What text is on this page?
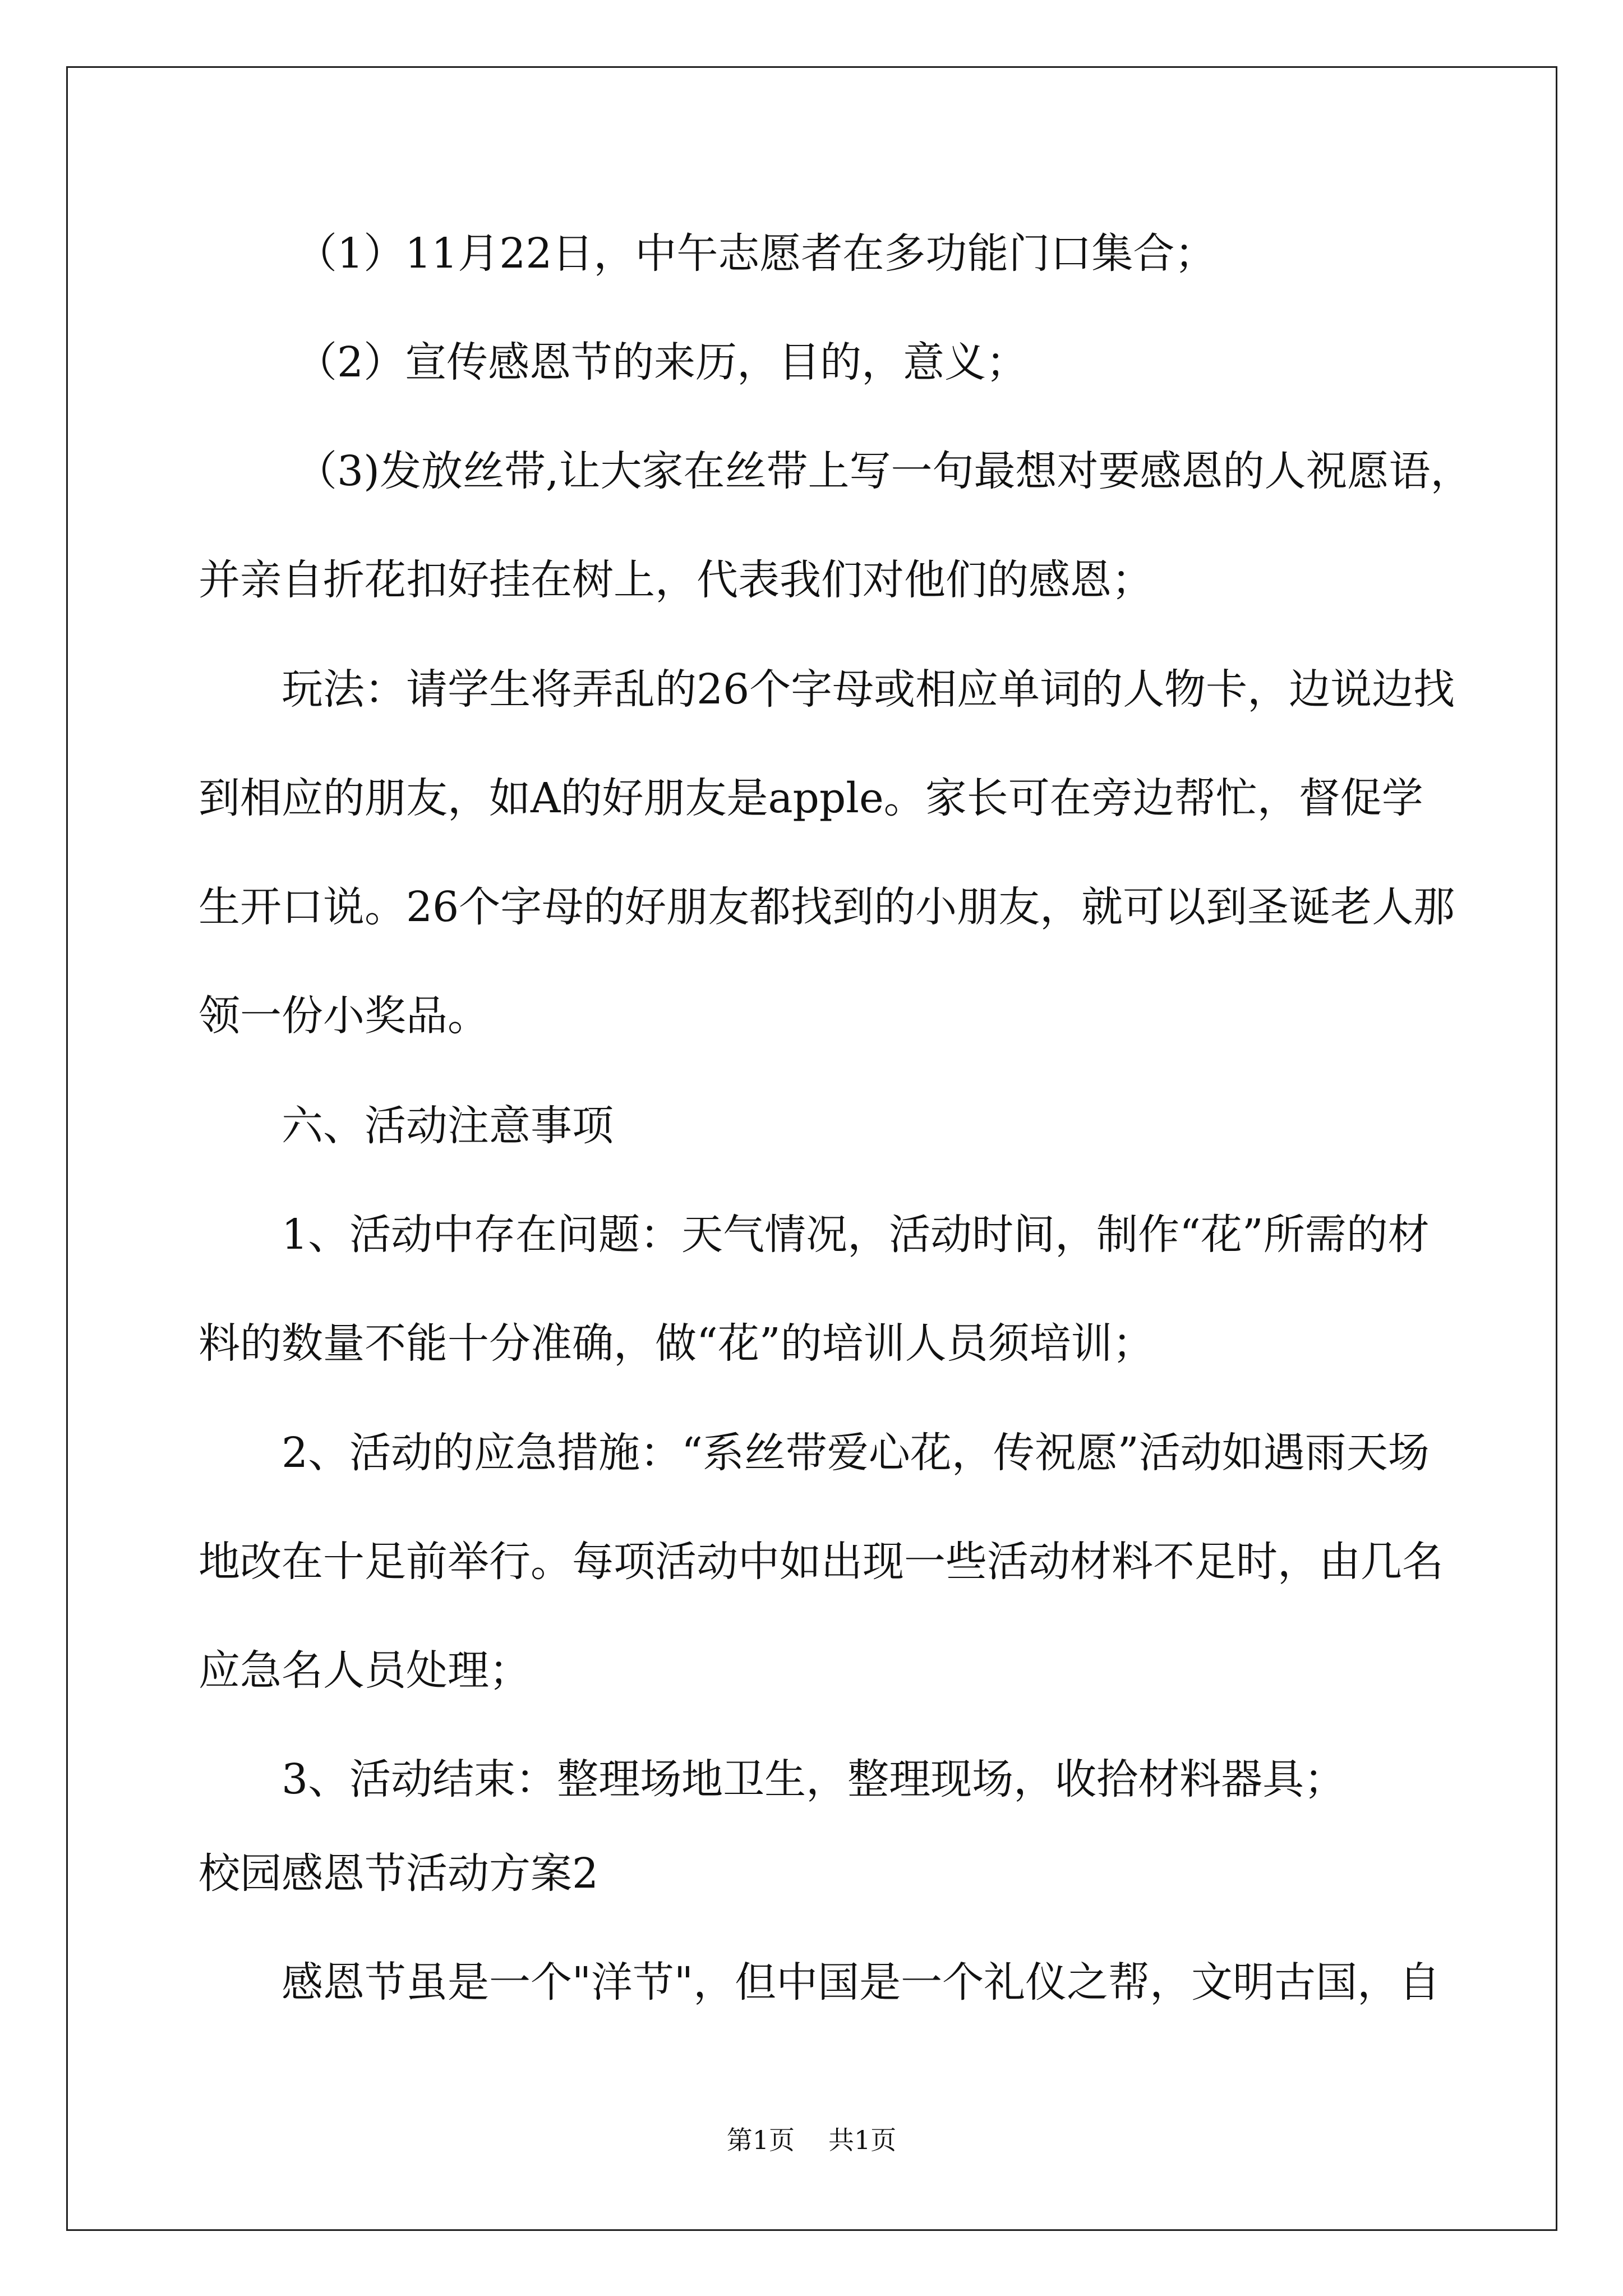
（1）11月22日，中午志愿者在多功能门口集合；

（2）宣传感恩节的来历，目的，意义；

（3)发放丝带,让大家在丝带上写一句最想对要感恩的人祝愿语，

并亲自折花扣好挂在树上，代表我们对他们的感恩；

玩法：请学生将弄乱的26个字母或相应单词的人物卡，边说边找

到相应的朋友，如A的好朋友是apple。家长可在旁边帮忙，督促学

生开口说。26个字母的好朋友都找到的小朋友，就可以到圣诞老人那

领一份小奖品。

六、活动注意事项

1、活动中存在问题：天气情况，活动时间，制作“花”所需的材

料的数量不能十分准确，做“花”的培训人员须培训；

2、活动的应急措施：“系丝带爱心花，传祝愿”活动如遇雨天场

地改在十足前举行。每项活动中如出现一些活动材料不足时，由几名

应急名人员处理；

3、活动结束：整理场地卫生，整理现场，收拾材料器具；

校园感恩节活动方案2

感恩节虽是一个"洋节"，但中国是一个礼仪之帮，文明古国，自

第1页 共1页
